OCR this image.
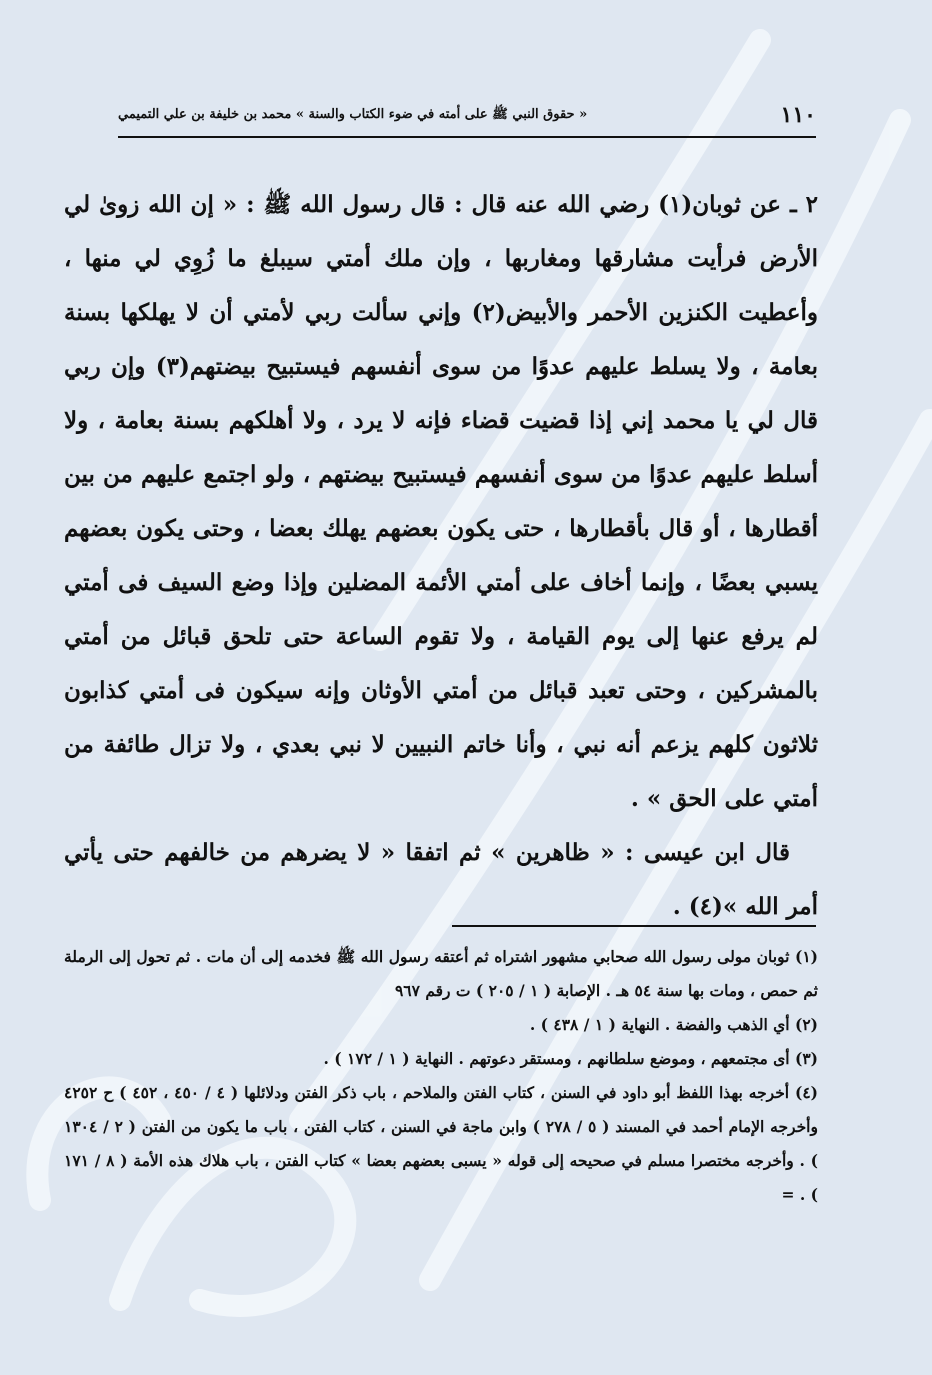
١١٠
« حقوق النبي ﷺ على أمته في ضوء الكتاب والسنة » محمد بن خليفة بن علي التميمي

٢ ـ عن ثوبان(١) رضي الله عنه قال : قال رسول الله ﷺ : « إن الله زوىٰ لي الأرض فرأيت مشارقها ومغاربها ، وإن ملك أمتي سيبلغ ما زُوِي لي منها ، وأعطيت الكنزين الأحمر والأبيض(٢) وإني سألت ربي لأمتي أن لا يهلكها بسنة بعامة ، ولا يسلط عليهم عدوًا من سوى أنفسهم فيستبيح بيضتهم(٣) وإن ربي قال لي يا محمد إني إذا قضيت قضاء فإنه لا يرد ، ولا أهلكهم بسنة بعامة ، ولا أسلط عليهم عدوًا من سوى أنفسهم فيستبيح بيضتهم ، ولو اجتمع عليهم من بين أقطارها ، أو قال بأقطارها ، حتى يكون بعضهم يهلك بعضا ، وحتى يكون بعضهم يسبي بعضًا ، وإنما أخاف على أمتي الأئمة المضلين وإذا وضع السيف فى أمتي لم يرفع عنها إلى يوم القيامة ، ولا تقوم الساعة حتى تلحق قبائل من أمتي بالمشركين ، وحتى تعبد قبائل من أمتي الأوثان وإنه سيكون فى أمتي كذابون ثلاثون كلهم يزعم أنه نبي ، وأنا خاتم النبيين لا نبي بعدي ، ولا تزال طائفة من أمتي على الحق » .

قال ابن عيسى : « ظاهرين » ثم اتفقا « لا يضرهم من خالفهم حتى يأتي أمر الله »(٤) .

(١) ثوبان مولى رسول الله صحابي مشهور اشتراه ثم أعتقه رسول الله ﷺ فخدمه إلى أن مات . ثم تحول إلى الرملة ثم حمص ، ومات بها سنة ٥٤ هـ . الإصابة ( ١ / ٢٠٥ ) ت رقم ٩٦٧

(٢) أي الذهب والفضة . النهاية ( ١ / ٤٣٨ ) .

(٣) أى مجتمعهم ، وموضع سلطانهم ، ومستقر دعوتهم . النهاية ( ١ / ١٧٢ ) .

(٤) أخرجه بهذا اللفظ أبو داود في السنن ، كتاب الفتن والملاحم ، باب ذكر الفتن ودلائلها ( ٤ / ٤٥٠ ، ٤٥٢ ) ح ٤٢٥٢ وأخرجه الإمام أحمد في المسند ( ٥ / ٢٧٨ ) وابن ماجة في السنن ، كتاب الفتن ، باب ما يكون من الفتن ( ٢ / ١٣٠٤ ) . وأخرجه مختصرا مسلم في صحيحه إلى قوله « يسبى بعضهم بعضا » كتاب الفتن ، باب هلاك هذه الأمة ( ٨ / ١٧١ ) . =
